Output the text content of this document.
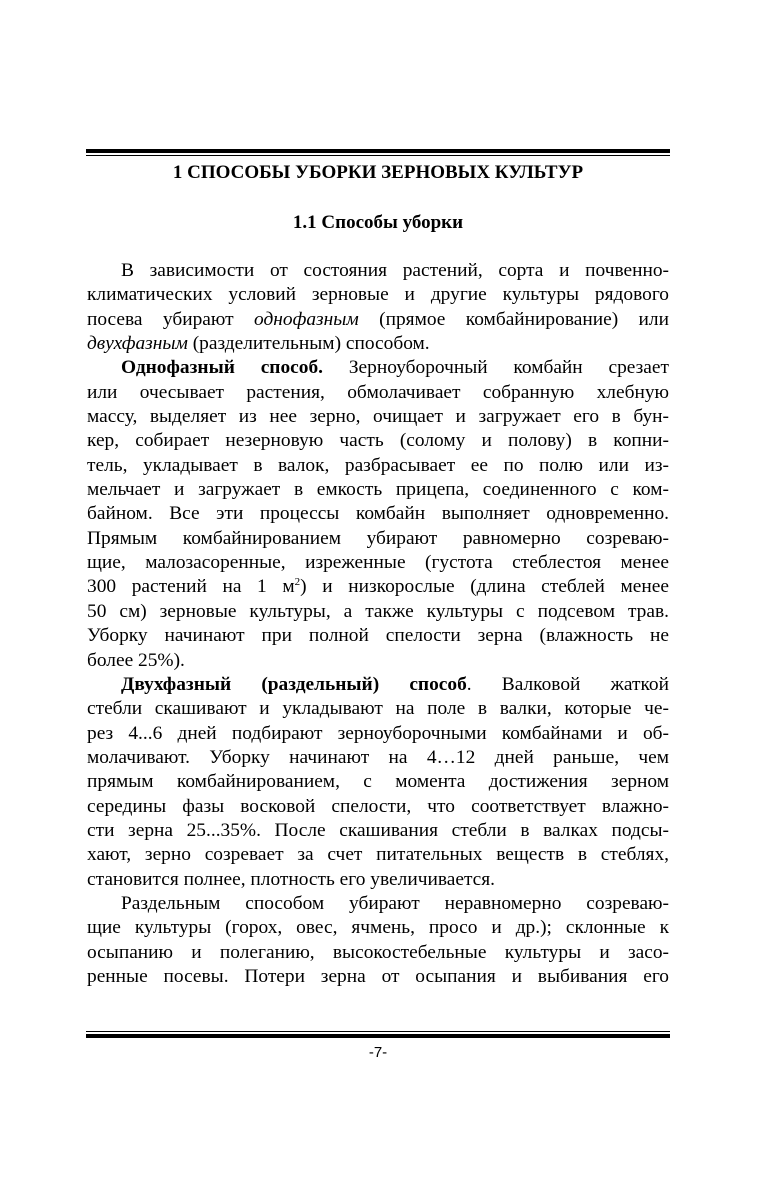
1 СПОСОБЫ УБОРКИ ЗЕРНОВЫХ КУЛЬТУР
1.1 Способы уборки
В зависимости от состояния растений, сорта и почвенно-
климатических условий зерновые и другие культуры рядового
посева убирают однофазным (прямое комбайнирование) или
двухфазным (разделительным) способом.
Однофазный способ. Зерноуборочный комбайн срезает
или очесывает растения, обмолачивает собранную хлебную
массу, выделяет из нее зерно, очищает и загружает его в бун-
кер, собирает незерновую часть (солому и полову) в копни-
тель, укладывает в валок, разбрасывает ее по полю или из-
мельчает и загружает в емкость прицепа, соединенного с ком-
байном. Все эти процессы комбайн выполняет одновременно.
Прямым комбайнированием убирают равномерно созреваю-
щие, малозасоренные, изреженные (густота стеблестоя менее
300 растений на 1 $м^2$) и низкорослые (длина стеблей менее
50 см) зерновые культуры, а также культуры с подсевом трав.
Уборку начинают при полной спелости зерна (влажность не
более 25%).
Двухфазный (раздельный) способ. Валковой жаткой
стебли скашивают и укладывают на поле в валки, которые че-
рез 4...6 дней подбирают зерноуборочными комбайнами и об-
молачивают. Уборку начинают на 4…12 дней раньше, чем
прямым комбайнированием, с момента достижения зерном
середины фазы восковой спелости, что соответствует влажно-
сти зерна 25...35%. После скашивания стебли в валках подсы-
хают, зерно созревает за счет питательных веществ в стеблях,
становится полнее, плотность его увеличивается.
Раздельным способом убирают неравномерно созреваю-
щие культуры (горох, овес, ячмень, просо и др.); склонные к
осыпанию и полеганию, высокостебельные культуры и засо-
ренные посевы. Потери зерна от осыпания и выбивания его
-7-
